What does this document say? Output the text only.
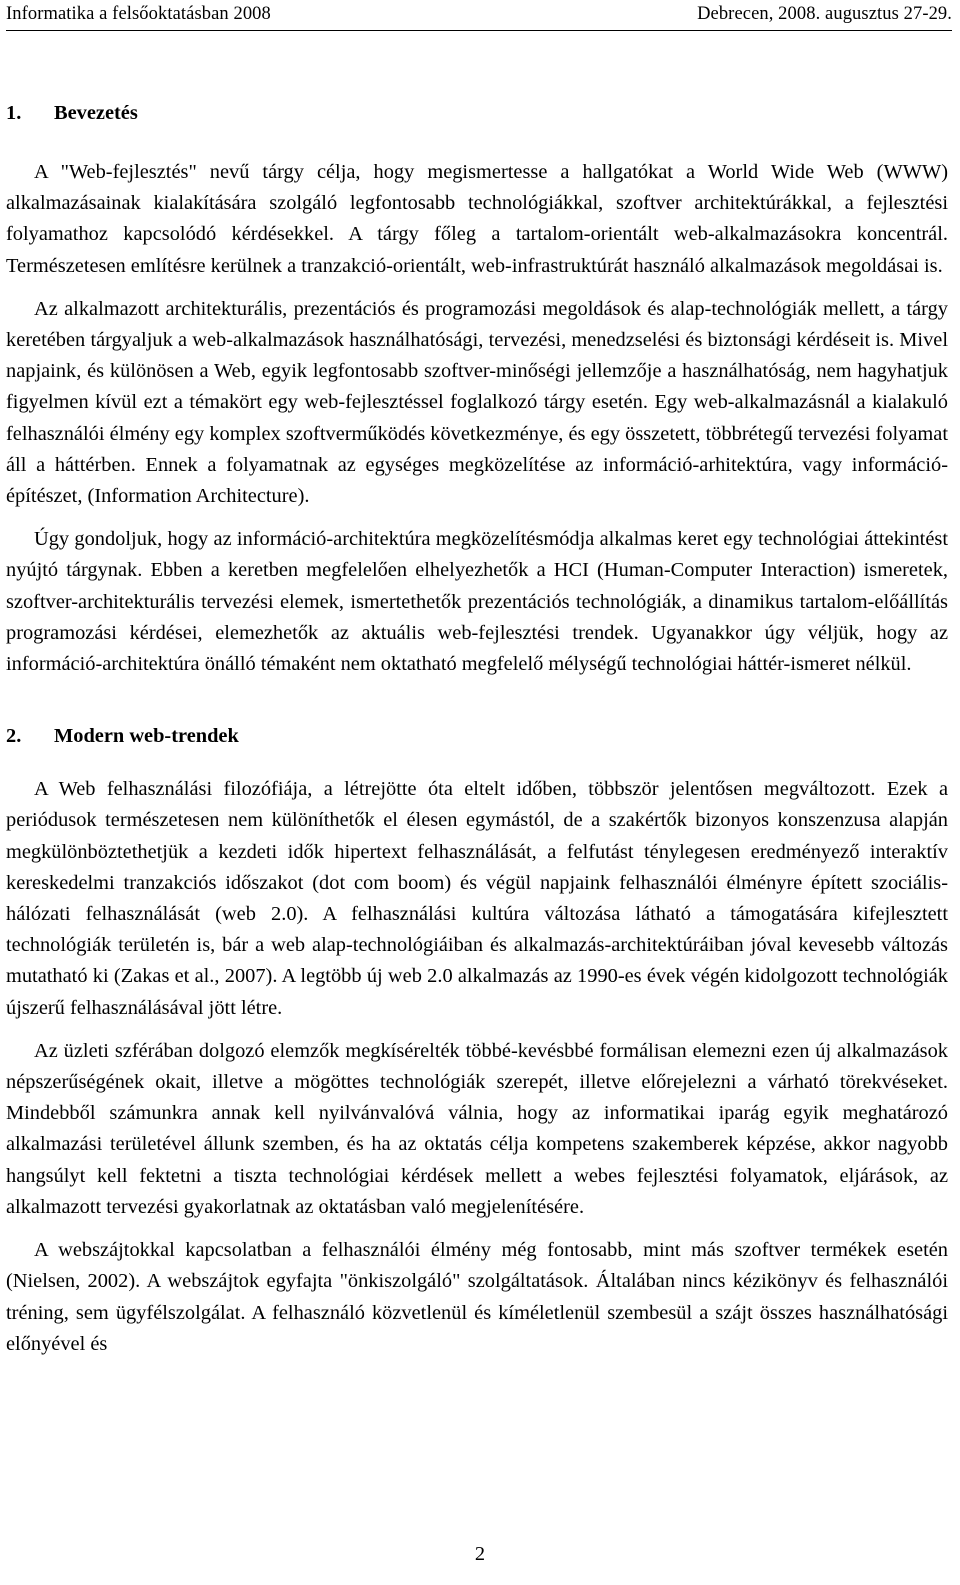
Informatika a felsőoktatásban 2008	Debrecen, 2008. augusztus 27-29.
1.	Bevezetés

A "Web-fejlesztés" nevű tárgy célja, hogy megismertesse a hallgatókat a World Wide Web (WWW) alkalmazásainak kialakítására szolgáló legfontosabb technológiákkal, szoftver architektúrákkal, a fejlesztési folyamathoz kapcsolódó kérdésekkel. A tárgy főleg a tartalom-orientált web-alkalmazásokra koncentrál. Természetesen említésre kerülnek a tranzakció-orientált, web-infrastruktúrát használó alkalmazások megoldásai is.

Az alkalmazott architekturális, prezentációs és programozási megoldások és alap-technológiák mellett, a tárgy keretében tárgyaljuk a web-alkalmazások használhatósági, tervezési, menedzselési és biztonsági kérdéseit is. Mivel napjaink, és különösen a Web, egyik legfontosabb szoftver-minőségi jellemzője a használhatóság, nem hagyhatjuk figyelmen kívül ezt a témakört egy web-fejlesztéssel foglalkozó tárgy esetén. Egy web-alkalmazásnál a kialakuló felhasználói élmény egy komplex szoftverműködés következménye, és egy összetett, többrétegű tervezési folyamat áll a háttérben. Ennek a folyamatnak az egységes megközelítése az információ-arhitektúra, vagy információ-építészet, (Information Architecture).

Úgy gondoljuk, hogy az információ-architektúra megközelítésmódja alkalmas keret egy technológiai áttekintést nyújtó tárgynak. Ebben a keretben megfelelően elhelyezhetők a HCI (Human-Computer Interaction) ismeretek, szoftver-architekturális tervezési elemek, ismertethetők prezentációs technológiák, a dinamikus tartalom-előállítás programozási kérdései, elemezhetők az aktuális web-fejlesztési trendek. Ugyanakkor úgy véljük, hogy az információ-architektúra önálló témaként nem oktatható megfelelő mélységű technológiai háttér-ismeret nélkül.

2.	Modern web-trendek

A Web felhasználási filozófiája, a létrejötte óta eltelt időben, többször jelentősen megváltozott. Ezek a periódusok természetesen nem különíthetők el élesen egymástól, de a szakértők bizonyos konszenzusa alapján megkülönböztethetjük a kezdeti idők hipertext felhasználását, a felfutást ténylegesen eredményező interaktív kereskedelmi tranzakciós időszakot (dot com boom) és végül napjaink felhasználói élményre épített szociális-hálózati felhasználását (web 2.0). A felhasználási kultúra változása látható a támogatására kifejlesztett technológiák területén is, bár a web alap-technológiáiban és alkalmazás-architektúráiban jóval kevesebb változás mutatható ki (Zakas et al., 2007). A legtöbb új web 2.0 alkalmazás az 1990-es évek végén kidolgozott technológiák újszerű felhasználásával jött létre.

Az üzleti szférában dolgozó elemzők megkísérelték többé-kevésbbé formálisan elemezni ezen új alkalmazások népszerűségének okait, illetve a mögöttes technológiák szerepét, illetve előrejelezni a várható törekvéseket. Mindebből számunkra annak kell nyilvánvalóvá válnia, hogy az informatikai iparág egyik meghatározó alkalmazási területével állunk szemben, és ha az oktatás célja kompetens szakemberek képzése, akkor nagyobb hangsúlyt kell fektetni a tiszta technológiai kérdések mellett a webes fejlesztési folyamatok, eljárások, az alkalmazott tervezési gyakorlatnak az oktatásban való megjelenítésére.

A webszájtokkal kapcsolatban a felhasználói élmény még fontosabb, mint más szoftver termékek esetén (Nielsen, 2002). A webszájtok egyfajta "önkiszolgáló" szolgáltatások. Általában nincs kézikönyv és felhasználói tréning, sem ügyfélszolgálat. A felhasználó közvetlenül és kíméletlenül szembesül a szájt összes használhatósági előnyével és

2
